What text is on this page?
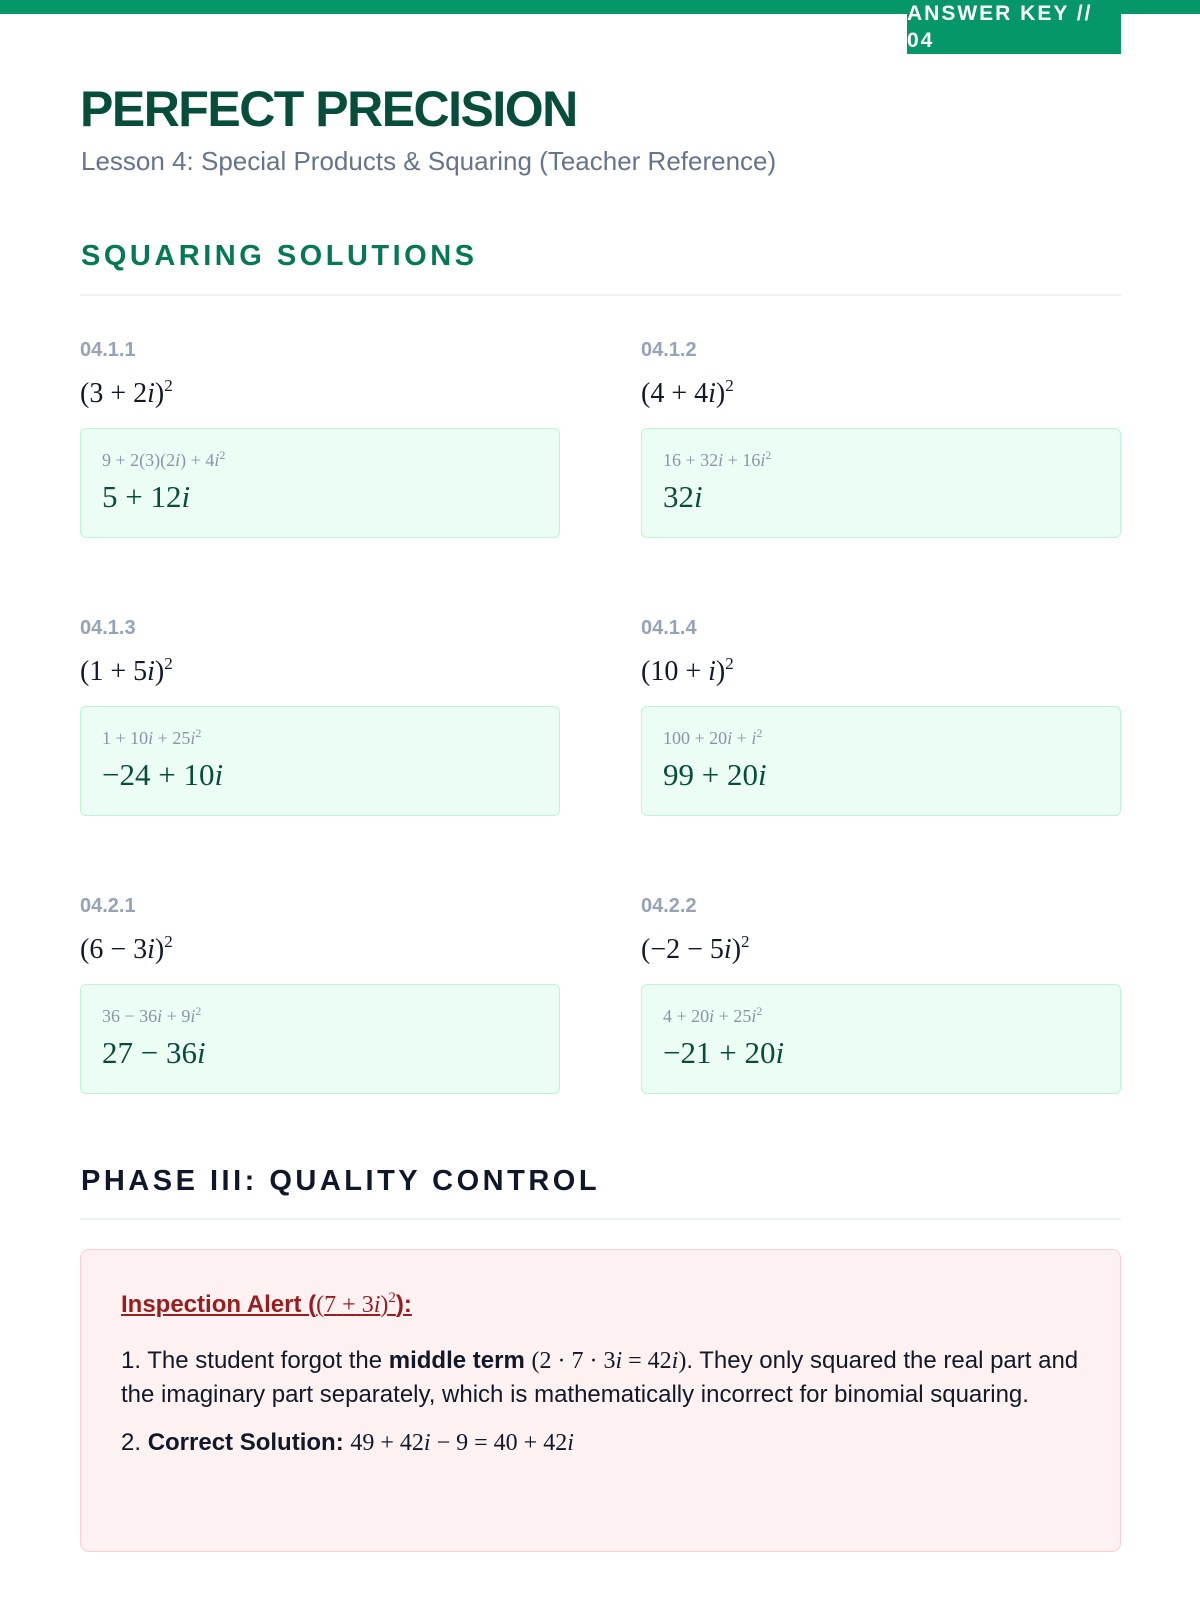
ANSWER KEY // 04
PERFECT PRECISION
Lesson 4: Special Products & Squaring (Teacher Reference)
SQUARING SOLUTIONS
04.1.1
$(3 + 2i)^2$
$9 + 2(3)(2i) + 4i^2$
5 + 12i
04.1.2
$(4 + 4i)^2$
$16 + 32i + 16i^2$
32i
04.1.3
$(1 + 5i)^2$
$1 + 10i + 25i^2$
−24 + 10i
04.1.4
$(10 + i)^2$
$100 + 20i + i^2$
99 + 20i
04.2.1
$(6 - 3i)^2$
$36 - 36i + 9i^2$
27 − 36i
04.2.2
$(-2 - 5i)^2$
$4 + 20i + 25i^2$
−21 + 20i
PHASE III: QUALITY CONTROL
Inspection Alert $((7 + 3i)^2)$:

1. The student forgot the middle term (2 · 7 · 3i = 42i). They only squared the real part and the imaginary part separately, which is mathematically incorrect for binomial squaring.

2. Correct Solution: 49 + 42i − 9 = 40 + 42i
